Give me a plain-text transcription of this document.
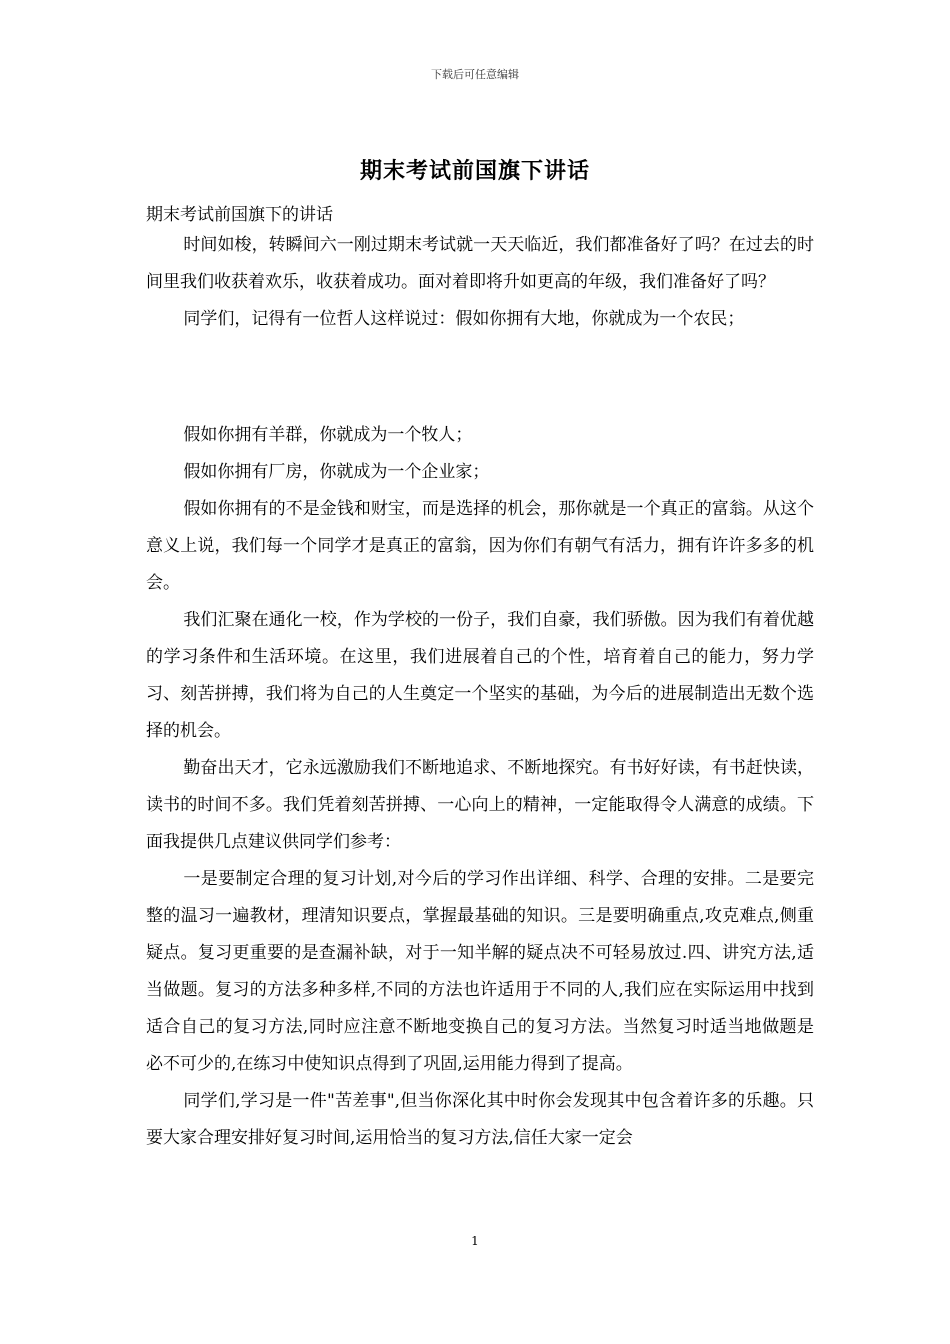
下载后可任意编辑
期末考试前国旗下讲话
期末考试前国旗下的讲话

时间如梭，转瞬间六一刚过期末考试就一天天临近，我们都准备好了吗？在过去的时间里我们收获着欢乐，收获着成功。面对着即将升如更高的年级，我们准备好了吗？

同学们，记得有一位哲人这样说过：假如你拥有大地，你就成为一个农民；

假如你拥有羊群，你就成为一个牧人；

假如你拥有厂房，你就成为一个企业家；

假如你拥有的不是金钱和财宝，而是选择的机会，那你就是一个真正的富翁。从这个意义上说，我们每一个同学才是真正的富翁，因为你们有朝气有活力，拥有许许多多的机会。

我们汇聚在通化一校，作为学校的一份子，我们自豪，我们骄傲。因为我们有着优越的学习条件和生活环境。在这里，我们进展着自己的个性，培育着自己的能力，努力学习、刻苦拼搏，我们将为自己的人生奠定一个坚实的基础，为今后的进展制造出无数个选择的机会。

勤奋出天才，它永远激励我们不断地追求、不断地探究。有书好好读，有书赶快读，读书的时间不多。我们凭着刻苦拼搏、一心向上的精神，一定能取得令人满意的成绩。下面我提供几点建议供同学们参考：

一是要制定合理的复习计划,对今后的学习作出详细、科学、合理的安排。二是要完整的温习一遍教材，理清知识要点，掌握最基础的知识。三是要明确重点,攻克难点,侧重疑点。复习更重要的是查漏补缺，对于一知半解的疑点决不可轻易放过.四、讲究方法,适当做题。复习的方法多种多样,不同的方法也许适用于不同的人,我们应在实际运用中找到适合自己的复习方法,同时应注意不断地变换自己的复习方法。当然复习时适当地做题是必不可少的,在练习中使知识点得到了巩固,运用能力得到了提高。

同学们,学习是一件"苦差事",但当你深化其中时你会发现其中包含着许多的乐趣。只要大家合理安排好复习时间,运用恰当的复习方法,信任大家一定会

1
